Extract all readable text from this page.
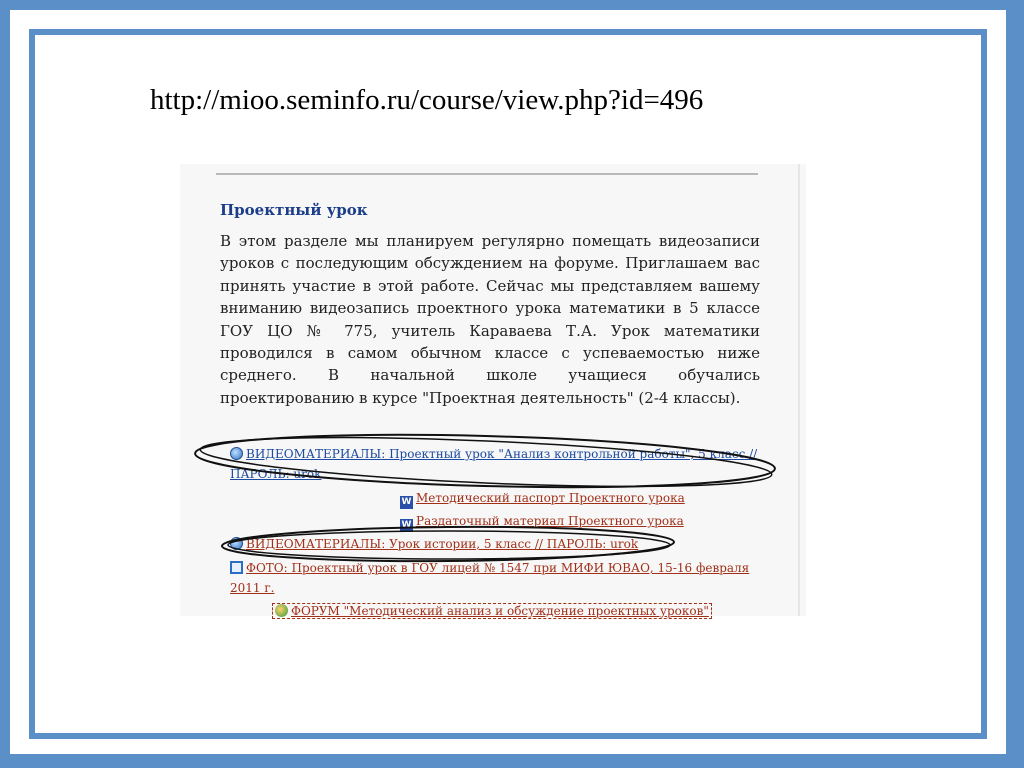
http://mioo.seminfo.ru/course/view.php?id=496
Проектный урок
В этом разделе мы планируем регулярно помещать видеозаписи уроков с последующим обсуждением на форуме. Приглашаем вас принять участие в этой работе. Сейчас мы представляем вашему вниманию видеозапись проектного урока математики в 5 классе ГОУ ЦО № 775, учитель Караваева Т.А. Урок математики проводился в самом обычном классе с успеваемостью ниже среднего. В начальной школе учащиеся обучались проектированию в курсе "Проектная деятельность" (2-4 классы).
ВИДЕОМАТЕРИАЛЫ: Проектный урок "Анализ контрольной работы", 5 класс //
ПАРОЛЬ: urok
W Методический паспорт Проектного урока
W Раздаточный материал Проектного урока
ВИДЕОМАТЕРИАЛЫ: Урок истории, 5 класс // ПАРОЛЬ: urok
ФОТО: Проектный урок в ГОУ лицей № 1547 при МИФИ ЮВАО, 15-16 февраля
2011 г.
ФОРУМ "Методический анализ и обсуждение проектных уроков"
